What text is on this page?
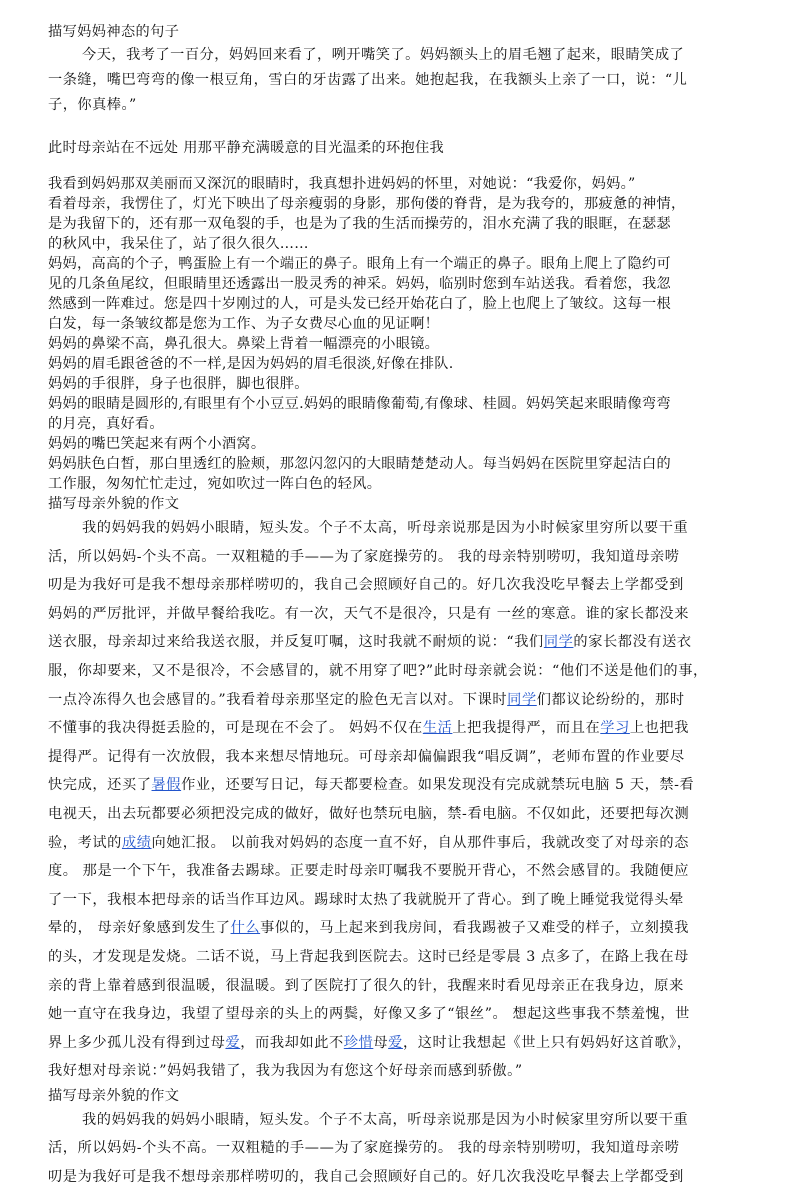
描写妈妈神态的句子
今天，我考了一百分，妈妈回来看了，咧开嘴笑了。妈妈额头上的眉毛翘了起来，眼睛笑成了
一条缝，嘴巴弯弯的像一根豆角，雪白的牙齿露了出来。她抱起我，在我额头上亲了一口，说：“儿
子，你真棒。”
此时母亲站在不远处 用那平静充满暖意的目光温柔的环抱住我
我看到妈妈那双美丽而又深沉的眼睛时，我真想扑进妈妈的怀里，对她说：“我爱你，妈妈。”
看着母亲，我愣住了，灯光下映出了母亲瘦弱的身影，那佝偻的脊背，是为我夸的，那疲惫的神情，
是为我留下的，还有那一双龟裂的手，也是为了我的生活而操劳的，泪水充满了我的眼眶，在瑟瑟
的秋风中，我呆住了，站了很久很久……
妈妈，高高的个子，鸭蛋脸上有一个端正的鼻子。眼角上有一个端正的鼻子。眼角上爬上了隐约可
见的几条鱼尾纹，但眼睛里还透露出一股灵秀的神采。妈妈，临别时您到车站送我。看着您，我忽
然感到一阵难过。您是四十岁刚过的人，可是头发已经开始花白了，脸上也爬上了皱纹。这每一根
白发，每一条皱纹都是您为工作、为子女费尽心血的见证啊！
妈妈的鼻梁不高，鼻孔很大。鼻梁上背着一幅漂亮的小眼镜。
妈妈的眉毛跟爸爸的不一样,是因为妈妈的眉毛很淡,好像在排队.
妈妈的手很胖，身子也很胖，脚也很胖。
妈妈的眼睛是圆形的,有眼里有个小豆豆.妈妈的眼睛像葡萄,有像球、桂圆。妈妈笑起来眼睛像弯弯
的月亮，真好看。
妈妈的嘴巴笑起来有两个小酒窝。
妈妈肤色白皙，那白里透红的脸颊，那忽闪忽闪的大眼睛楚楚动人。每当妈妈在医院里穿起洁白的
工作服，匆匆忙忙走过，宛如吹过一阵白色的轻风。
描写母亲外貌的作文
我的妈妈我的妈妈小眼睛，短头发。个子不太高，听母亲说那是因为小时候家里穷所以要干重
活，所以妈妈-个头不高。一双粗糙的手——为了家庭操劳的。 我的母亲特别唠叨，我知道母亲唠
叨是为我好可是我不想母亲那样唠叨的，我自己会照顾好自己的。好几次我没吃早餐去上学都受到
妈妈的严厉批评，并做早餐给我吃。有一次，天气不是很冷，只是有 一丝的寒意。谁的家长都没来
送衣服，母亲却过来给我送衣服，并反复叮嘱，这时我就不耐烦的说：“我们同学的家长都没有送衣
服，你却要来，又不是很冷，不会感冒的，就不用穿了吧?”此时母亲就会说：“他们不送是他们的事，
一点冷冻得久也会感冒的。”我看着母亲那坚定的脸色无言以对。下课时同学们都议论纷纷的，那时
不懂事的我决得挺丢脸的，可是现在不会了。 妈妈不仅在生活上把我提得严，而且在学习上也把我
提得严。记得有一次放假，我本来想尽情地玩。可母亲却偏偏跟我“唱反调”，老师布置的作业要尽
快完成，还买了暑假作业，还要写日记，每天都要检查。如果发现没有完成就禁玩电脑 5 天，禁-看
电视天，出去玩都要必须把没完成的做好，做好也禁玩电脑，禁-看电脑。不仅如此，还要把每次测
验，考试的成绩向她汇报。 以前我对妈妈的态度一直不好，自从那件事后，我就改变了对母亲的态
度。 那是一个下午，我准备去踢球。正要走时母亲叮嘱我不要脱开背心，不然会感冒的。我随便应
了一下，我根本把母亲的话当作耳边风。踢球时太热了我就脱开了背心。到了晚上睡觉我觉得头晕
晕的， 母亲好象感到发生了什么事似的，马上起来到我房间，看我踢被子又难受的样子，立刻摸我
的头，才发现是发烧。二话不说，马上背起我到医院去。这时已经是零晨 3 点多了，在路上我在母
亲的背上靠着感到很温暖，很温暖。到了医院打了很久的针，我醒来时看见母亲正在我身边，原来
她一直守在我身边，我望了望母亲的头上的两鬓，好像又多了“银丝”。 想起这些事我不禁羞愧，世
界上多少孤儿没有得到过母爱，而我却如此不珍惜母爱，这时让我想起《世上只有妈妈好这首歌》，
我好想对母亲说：”妈妈我错了，我为我因为有您这个好母亲而感到骄傲。”
描写母亲外貌的作文
我的妈妈我的妈妈小眼睛，短头发。个子不太高，听母亲说那是因为小时候家里穷所以要干重
活，所以妈妈-个头不高。一双粗糙的手——为了家庭操劳的。 我的母亲特别唠叨，我知道母亲唠
叨是为我好可是我不想母亲那样唠叨的，我自己会照顾好自己的。好几次我没吃早餐去上学都受到
